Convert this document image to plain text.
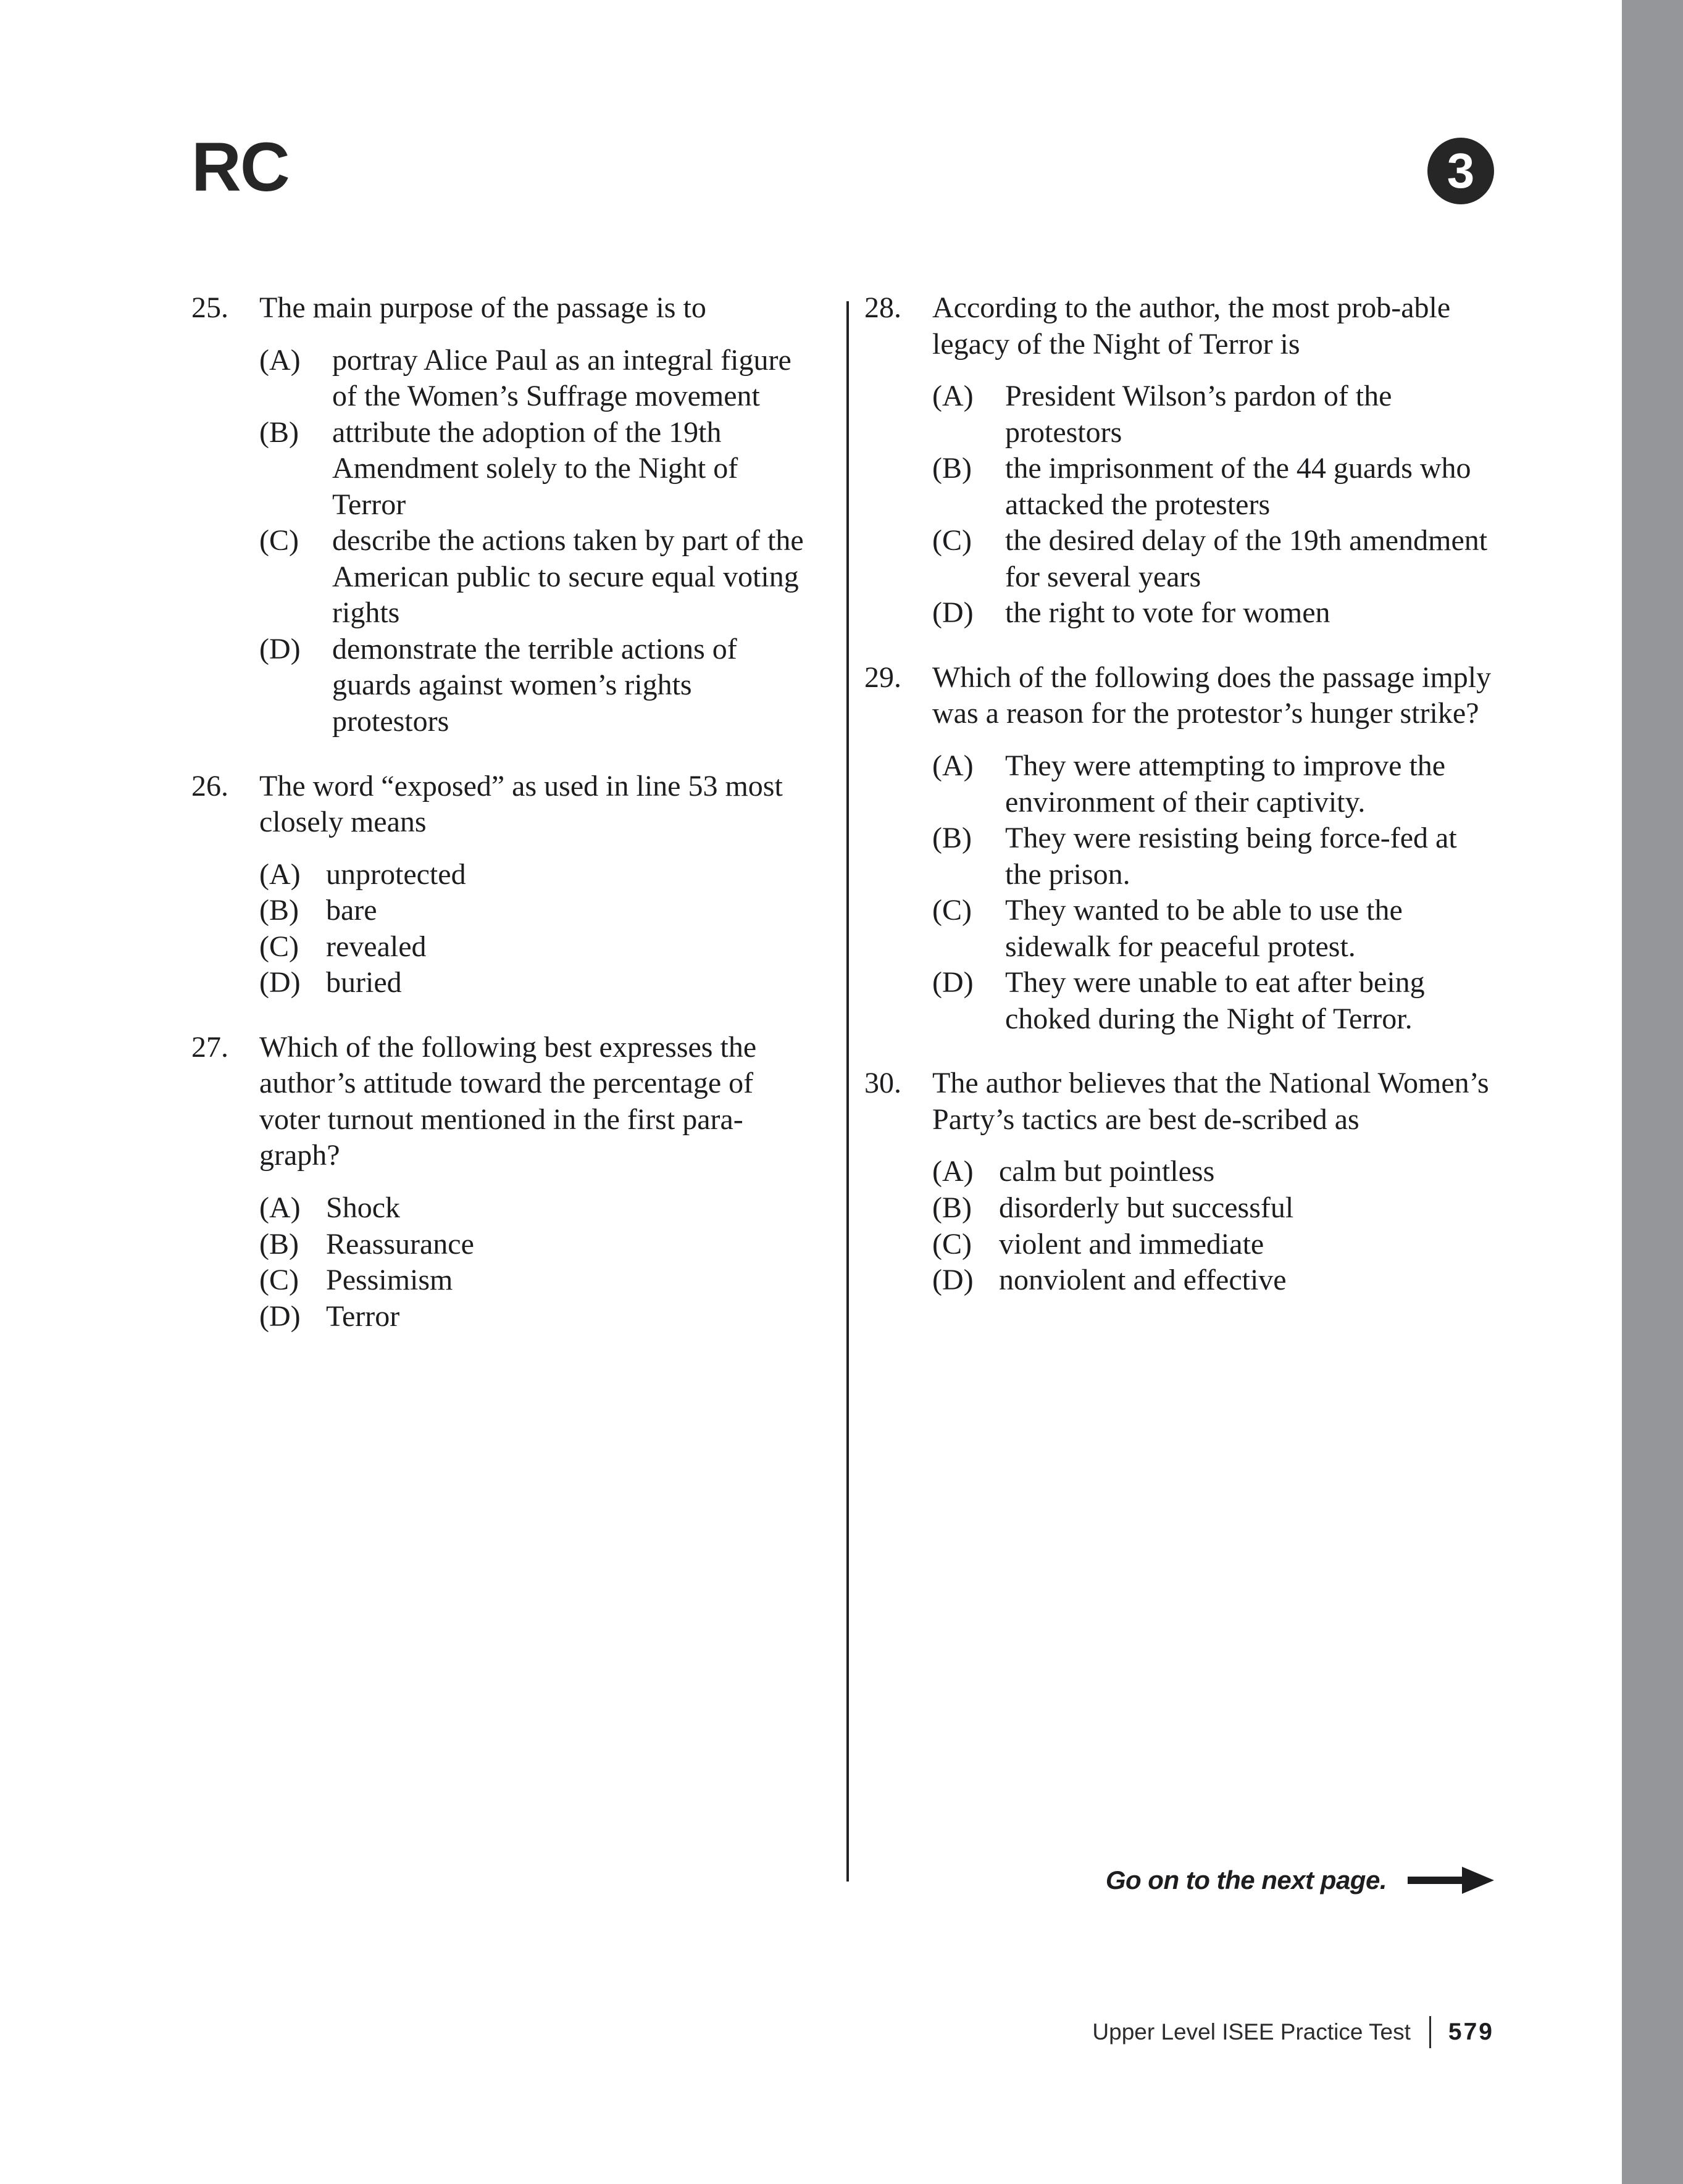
RC	3
25.	The main purpose of the passage is to
(A)	portray Alice Paul as an integral figure of the Women’s Suffrage movement
(B)	attribute the adoption of the 19th Amendment solely to the Night of Terror
(C)	describe the actions taken by part of the American public to secure equal voting rights
(D)	demonstrate the terrible actions of guards against women’s rights protestors
26.	The word “exposed” as used in line 53 most closely means
(A) unprotected
(B) bare
(C) revealed
(D) buried
27.	Which of the following best expresses the author’s attitude toward the percentage of voter turnout mentioned in the first para-graph?
(A) Shock
(B) Reassurance
(C) Pessimism
(D) Terror
28.	According to the author, the most prob-able legacy of the Night of Terror is
(A)	President Wilson’s pardon of the protestors
(B)	the imprisonment of the 44 guards who attacked the protesters
(C)	the desired delay of the 19th amendment for several years
(D)	the right to vote for women
29.	Which of the following does the passage imply was a reason for the protestor’s hunger strike?
(A)	They were attempting to improve the environment of their captivity.
(B)	They were resisting being force-fed at the prison.
(C)	They wanted to be able to use the sidewalk for peaceful protest.
(D)	They were unable to eat after being choked during the Night of Terror.
30.	The author believes that the National Women’s Party’s tactics are best de-scribed as
(A) calm but pointless
(B) disorderly but successful
(C) violent and immediate
(D) nonviolent and effective
Go on to the next page.
Upper Level ISEE Practice Test 579
